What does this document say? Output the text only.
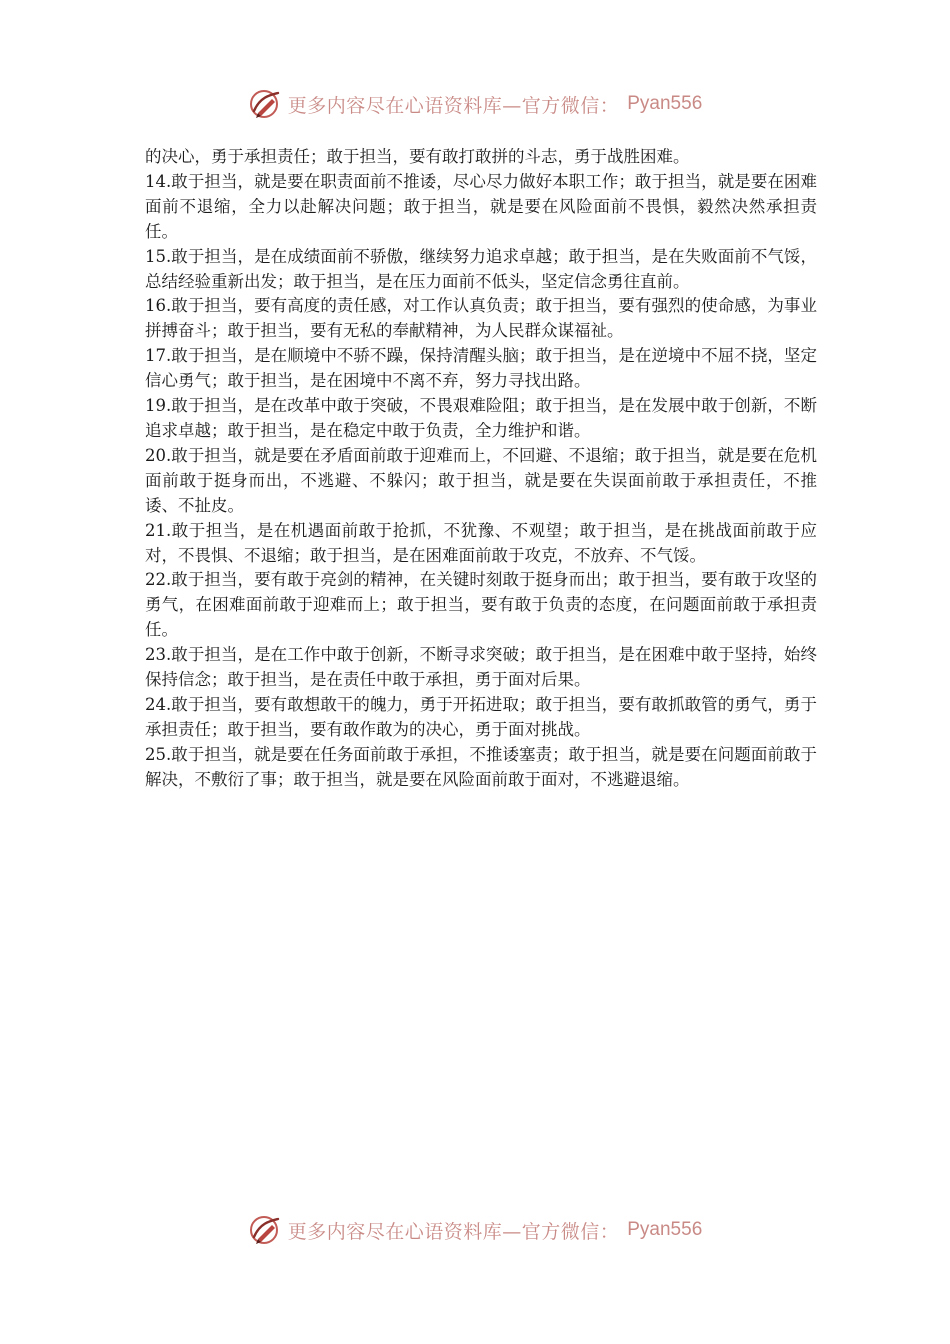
更多内容尽在心语资料库—官方微信： Pyan556

的决心，勇于承担责任；敢于担当，要有敢打敢拼的斗志，勇于战胜困难。

14.敢于担当，就是要在职责面前不推诿，尽心尽力做好本职工作；敢于担当，就是要在困难面前不退缩，全力以赴解决问题；敢于担当，就是要在风险面前不畏惧，毅然决然承担责任。

15.敢于担当，是在成绩面前不骄傲，继续努力追求卓越；敢于担当，是在失败面前不气馁，总结经验重新出发；敢于担当，是在压力面前不低头，坚定信念勇往直前。

16.敢于担当，要有高度的责任感，对工作认真负责；敢于担当，要有强烈的使命感，为事业拼搏奋斗；敢于担当，要有无私的奉献精神，为人民群众谋福祉。

17.敢于担当，是在顺境中不骄不躁，保持清醒头脑；敢于担当，是在逆境中不屈不挠，坚定信心勇气；敢于担当，是在困境中不离不弃，努力寻找出路。

19.敢于担当，是在改革中敢于突破，不畏艰难险阻；敢于担当，是在发展中敢于创新，不断追求卓越；敢于担当，是在稳定中敢于负责，全力维护和谐。

20.敢于担当，就是要在矛盾面前敢于迎难而上，不回避、不退缩；敢于担当，就是要在危机面前敢于挺身而出，不逃避、不躲闪；敢于担当，就是要在失误面前敢于承担责任，不推诿、不扯皮。

21.敢于担当，是在机遇面前敢于抢抓，不犹豫、不观望；敢于担当，是在挑战面前敢于应对，不畏惧、不退缩；敢于担当，是在困难面前敢于攻克，不放弃、不气馁。

22.敢于担当，要有敢于亮剑的精神，在关键时刻敢于挺身而出；敢于担当，要有敢于攻坚的勇气，在困难面前敢于迎难而上；敢于担当，要有敢于负责的态度，在问题面前敢于承担责任。

23.敢于担当，是在工作中敢于创新，不断寻求突破；敢于担当，是在困难中敢于坚持，始终保持信念；敢于担当，是在责任中敢于承担，勇于面对后果。

24.敢于担当，要有敢想敢干的魄力，勇于开拓进取；敢于担当，要有敢抓敢管的勇气，勇于承担责任；敢于担当，要有敢作敢为的决心，勇于面对挑战。

25.敢于担当，就是要在任务面前敢于承担，不推诿塞责；敢于担当，就是要在问题面前敢于解决，不敷衍了事；敢于担当，就是要在风险面前敢于面对，不逃避退缩。

更多内容尽在心语资料库—官方微信： Pyan556
